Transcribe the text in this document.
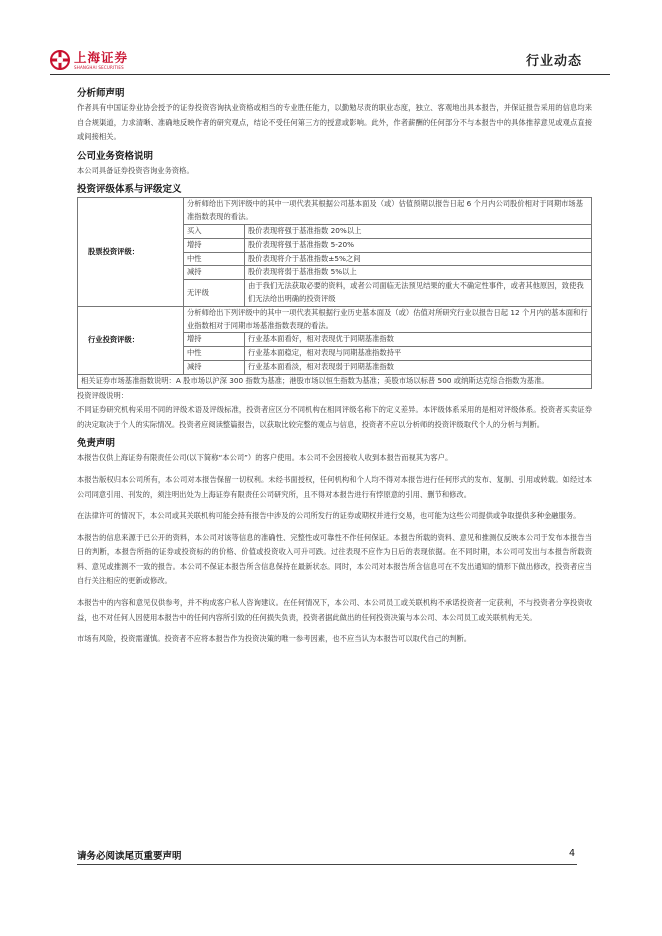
上海证券
SHANGHAI SECURITIES	行业动态

分析师声明

作者具有中国证券业协会授予的证券投资咨询执业资格或相当的专业胜任能力，以勤勉尽责的职业态度，独立、客观地出具本报告，并保证报告采用的信息均来自合规渠道，力求清晰、准确地反映作者的研究观点，结论不受任何第三方的授意或影响。此外，作者薪酬的任何部分不与本报告中的具体推荐意见或观点直接或间接相关。

公司业务资格说明

本公司具备证券投资咨询业务资格。

投资评级体系与评级定义

股票投资评级：	分析师给出下列评级中的其中一项代表其根据公司基本面及（或）估值预期以报告日起 6 个月内公司股价相对于同期市场基准指数表现的看法。	
	买入	股价表现将强于基准指数 20%以上
	增持	股价表现将强于基准指数 5-20%
	中性	股价表现将介于基准指数±5%之间
	减持	股价表现将弱于基准指数 5%以上
	无评级	由于我们无法获取必要的资料，或者公司面临无法预见结果的重大不确定性事件，或者其他原因，致使我们无法给出明确的投资评级
行业投资评级：	分析师给出下列评级中的其中一项代表其根据行业历史基本面及（或）估值对所研究行业以报告日起 12 个月内的基本面和行业指数相对于同期市场基准指数表现的看法。	
	增持	行业基本面看好，相对表现优于同期基准指数
	中性	行业基本面稳定，相对表现与同期基准指数持平
	减持	行业基本面看淡，相对表现弱于同期基准指数
相关证券市场基准指数说明：A 股市场以沪深 300 指数为基准；港股市场以恒生指数为基准；美股市场以标普 500 或纳斯达克综合指数为基准。		

投资评级说明：

不同证券研究机构采用不同的评级术语及评级标准，投资者应区分不同机构在相同评级名称下的定义差异。本评级体系采用的是相对评级体系。投资者买卖证券的决定取决于个人的实际情况。投资者应阅读整篇报告，以获取比较完整的观点与信息，投资者不应以分析师的投资评级取代个人的分析与判断。

免责声明

本报告仅供上海证券有限责任公司(以下简称“本公司”）的客户使用。本公司不会因接收人收到本报告而视其为客户。

本报告版权归本公司所有，本公司对本报告保留一切权利。未经书面授权，任何机构和个人均不得对本报告进行任何形式的发布、复制、引用或转载。如经过本公司同意引用、刊发的，须注明出处为上海证券有限责任公司研究所，且不得对本报告进行有悖原意的引用、删节和修改。

在法律许可的情况下，本公司或其关联机构可能会持有报告中涉及的公司所发行的证券或期权并进行交易，也可能为这些公司提供或争取提供多种金融服务。

本报告的信息来源于已公开的资料，本公司对该等信息的准确性、完整性或可靠性不作任何保证。本报告所载的资料、意见和推测仅反映本公司于发布本报告当日的判断，本报告所指的证券或投资标的的价格、价值或投资收入可升可跌。过往表现不应作为日后的表现依据。在不同时期，本公司可发出与本报告所载资料、意见或推测不一致的报告。本公司不保证本报告所含信息保持在最新状态。同时，本公司对本报告所含信息可在不发出通知的情形下做出修改，投资者应当自行关注相应的更新或修改。

本报告中的内容和意见仅供参考，并不构成客户私人咨询建议。在任何情况下，本公司、本公司员工或关联机构不承诺投资者一定获利，不与投资者分享投资收益，也不对任何人因使用本报告中的任何内容所引致的任何损失负责，投资者据此做出的任何投资决策与本公司、本公司员工或关联机构无关。

市场有风险，投资需谨慎。投资者不应将本报告作为投资决策的唯一参考因素，也不应当认为本报告可以取代自己的判断。

请务必阅读尾页重要声明	4
